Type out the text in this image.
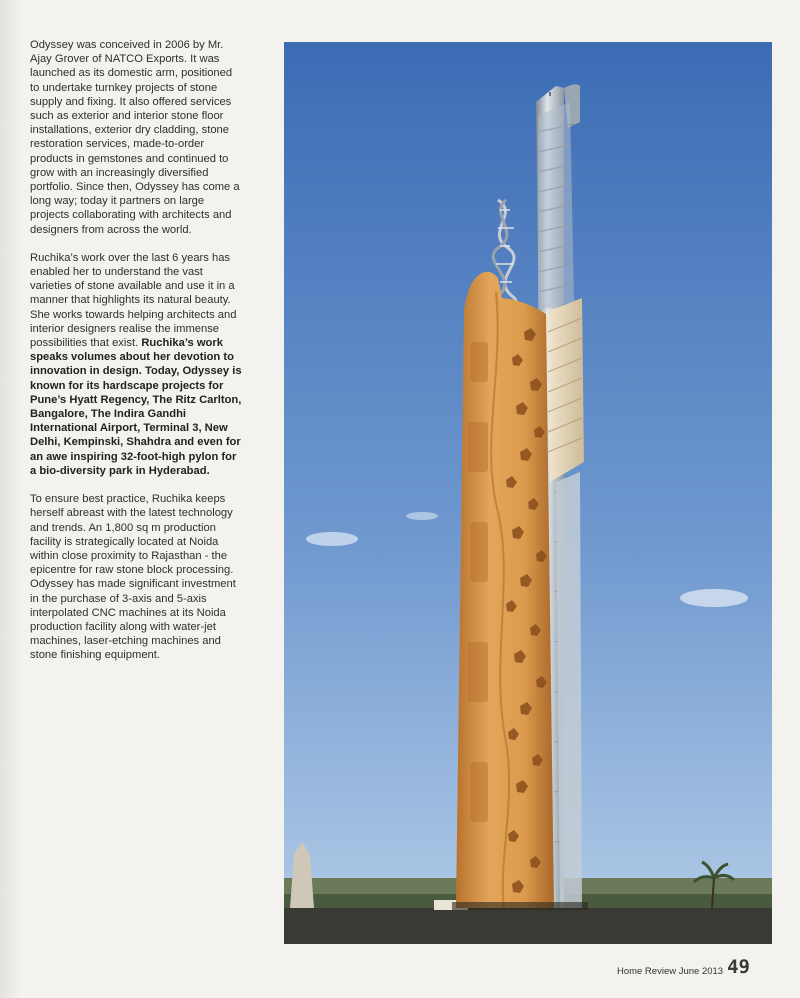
Odyssey was conceived in 2006 by Mr. Ajay Grover of NATCO Exports. It was launched as its domestic arm, positioned to undertake turnkey projects of stone supply and fixing. It also offered services such as exterior and interior stone floor installations, exterior dry cladding, stone restoration services, made-to-order products in gemstones and continued to grow with an increasingly diversified portfolio. Since then, Odyssey has come a long way; today it partners on large projects collaborating with architects and designers from across the world.

Ruchika’s work over the last 6 years has enabled her to understand the vast varieties of stone available and use it in a manner that highlights its natural beauty. She works towards helping architects and interior designers realise the immense possibilities that exist. Ruchika’s work speaks volumes about her devotion to innovation in design. Today, Odyssey is known for its hardscape projects for Pune’s Hyatt Regency, The Ritz Carlton, Bangalore, The Indira Gandhi International Airport, Terminal 3, New Delhi, Kempinski, Shahdra and even for an awe inspiring 32-foot-high pylon for a bio-diversity park in Hyderabad.

To ensure best practice, Ruchika keeps herself abreast with the latest technology and trends. An 1,800 sq m production facility is strategically located at Noida within close proximity to Rajasthan - the epicentre for raw stone block processing. Odyssey has made significant investment in the purchase of 3-axis and 5-axis interpolated CNC machines at its Noida production facility along with water-jet machines, laser-etching machines and stone finishing equipment.

Home Review June 2013 49
